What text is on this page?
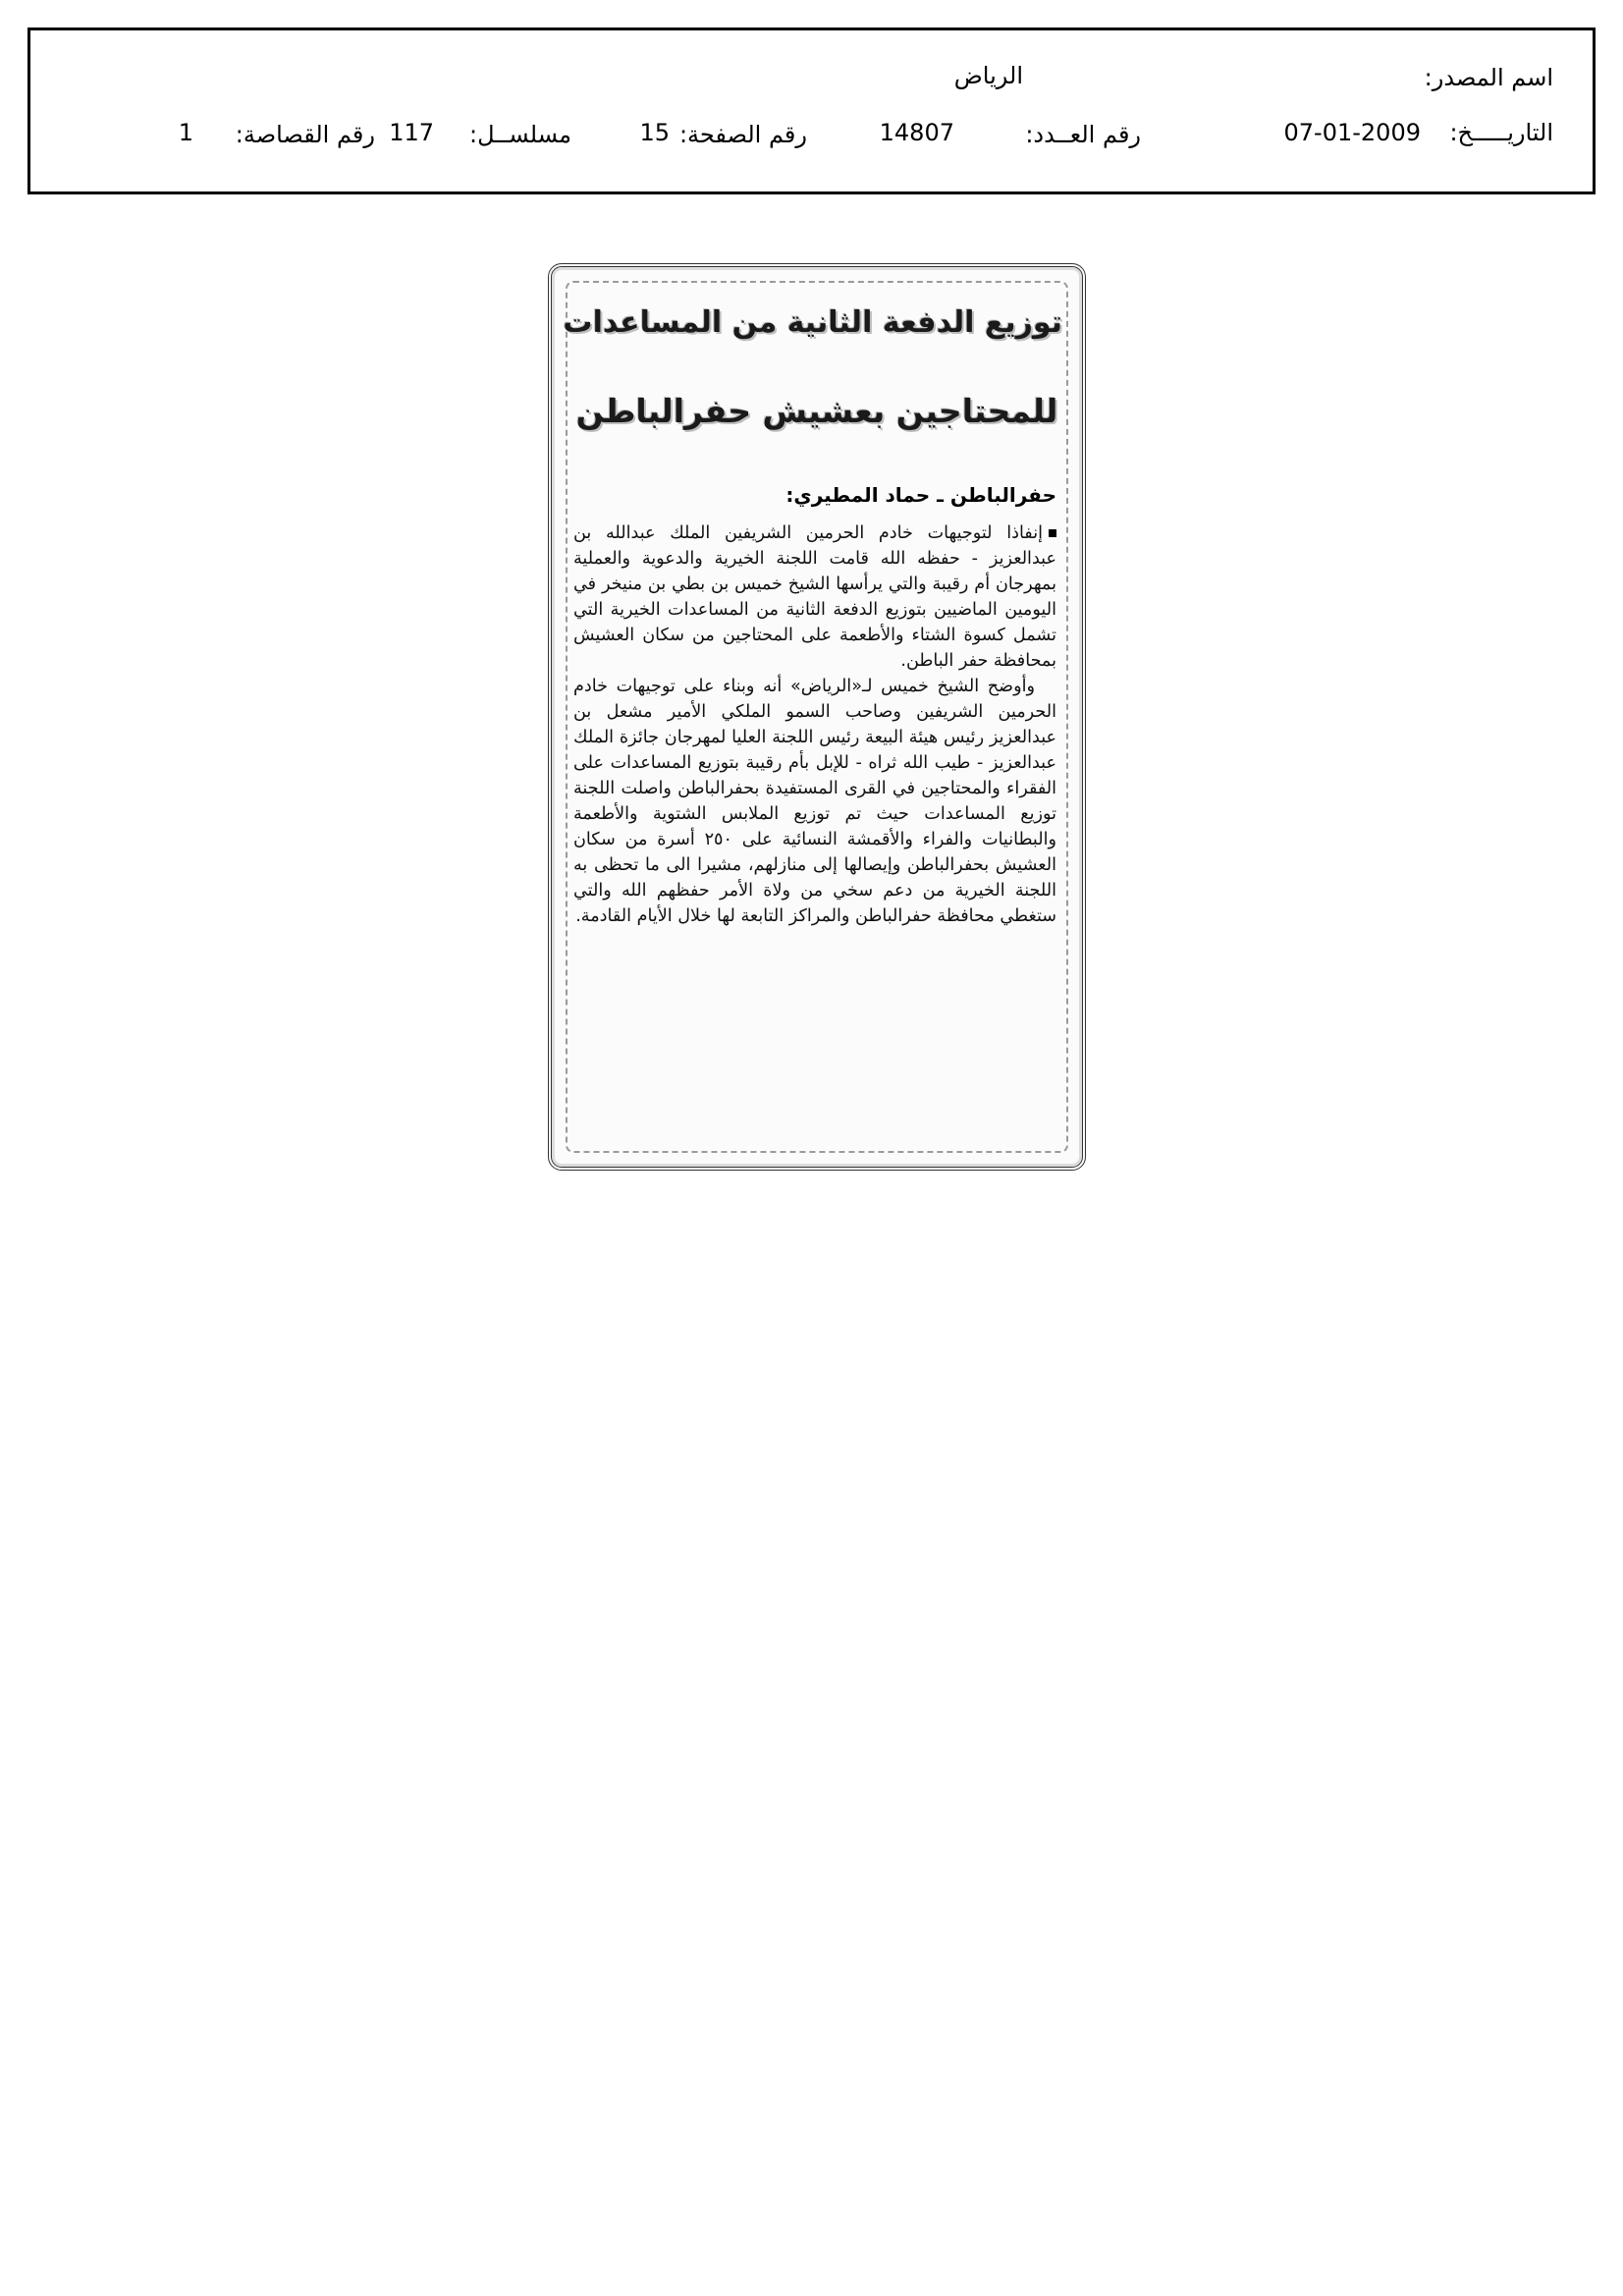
اسم المصدر:
الرياض
التاريـــــخ:
07-01-2009
رقم العــدد:
14807
رقم الصفحة:
15
مسلســل:
117
رقم القصاصة:
1
توزيع الدفعة الثانية من المساعدات
للمحتاجين بعشيش حفرالباطن
حفرالباطن ـ حماد المطيري:

إنفاذا لتوجيهات خادم الحرمين الشريفين الملك عبدالله بن عبدالعزيز - حفظه الله قامت اللجنة الخيرية والدعوية والعملية بمهرجان أم رقيبة والتي يرأسها الشيخ خميس بن بطي بن منيخر في اليومين الماضيين بتوزيع الدفعة الثانية من المساعدات الخيرية التي تشمل كسوة الشتاء والأطعمة على المحتاجين من سكان العشيش بمحافظة حفر الباطن.

وأوضح الشيخ خميس لـ«الرياض» أنه وبناء على توجيهات خادم الحرمين الشريفين وصاحب السمو الملكي الأمير مشعل بن عبدالعزيز رئيس هيئة البيعة رئيس اللجنة العليا لمهرجان جائزة الملك عبدالعزيز - طيب الله ثراه - للإبل بأم رقيبة بتوزيع المساعدات على الفقراء والمحتاجين في القرى المستفيدة بحفرالباطن واصلت اللجنة توزيع المساعدات حيث تم توزيع الملابس الشتوية والأطعمة والبطانيات والفراء والأقمشة النسائية على ٢٥٠ أسرة من سكان العشيش بحفرالباطن وإيصالها إلى منازلهم، مشيرا الى ما تحظى به اللجنة الخيرية من دعم سخي من ولاة الأمر حفظهم الله والتي ستغطي محافظة حفرالباطن والمراكز التابعة لها خلال الأيام القادمة.
